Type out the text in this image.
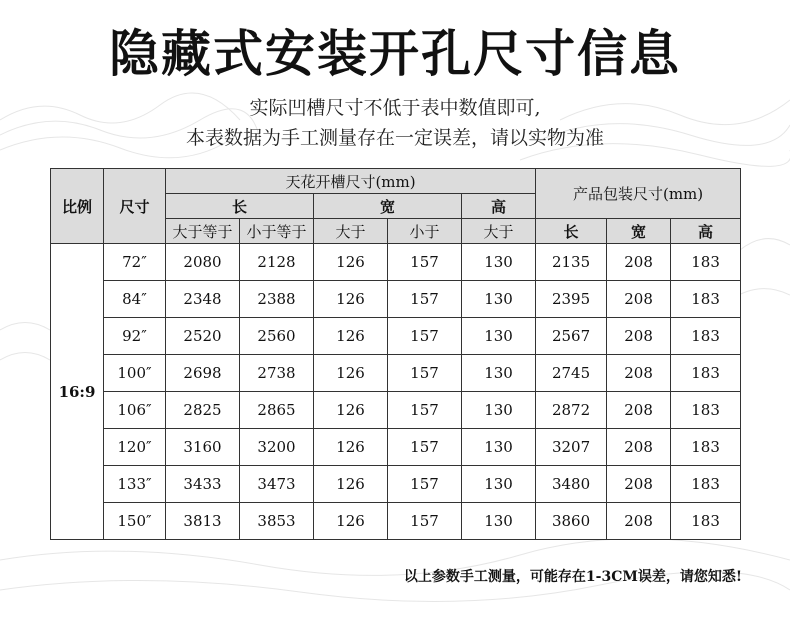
隐藏式安装开孔尺寸信息
实际凹槽尺寸不低于表中数值即可,
本表数据为手工测量存在一定误差，请以实物为准
比例	尺寸	天花开槽尺寸(mm)					产品包装尺寸(mm)		
		长		宽		高			
		大于等于	小于等于	大于	小于	大于	长	宽	高
16:9	72″	2080	2128	126	157	130	2135	208	183
	84″	2348	2388	126	157	130	2395	208	183
	92″	2520	2560	126	157	130	2567	208	183
	100″	2698	2738	126	157	130	2745	208	183
	106″	2825	2865	126	157	130	2872	208	183
	120″	3160	3200	126	157	130	3207	208	183
	133″	3433	3473	126	157	130	3480	208	183
	150″	3813	3853	126	157	130	3860	208	183
以上参数手工测量，可能存在1-3CM误差，请您知悉!
